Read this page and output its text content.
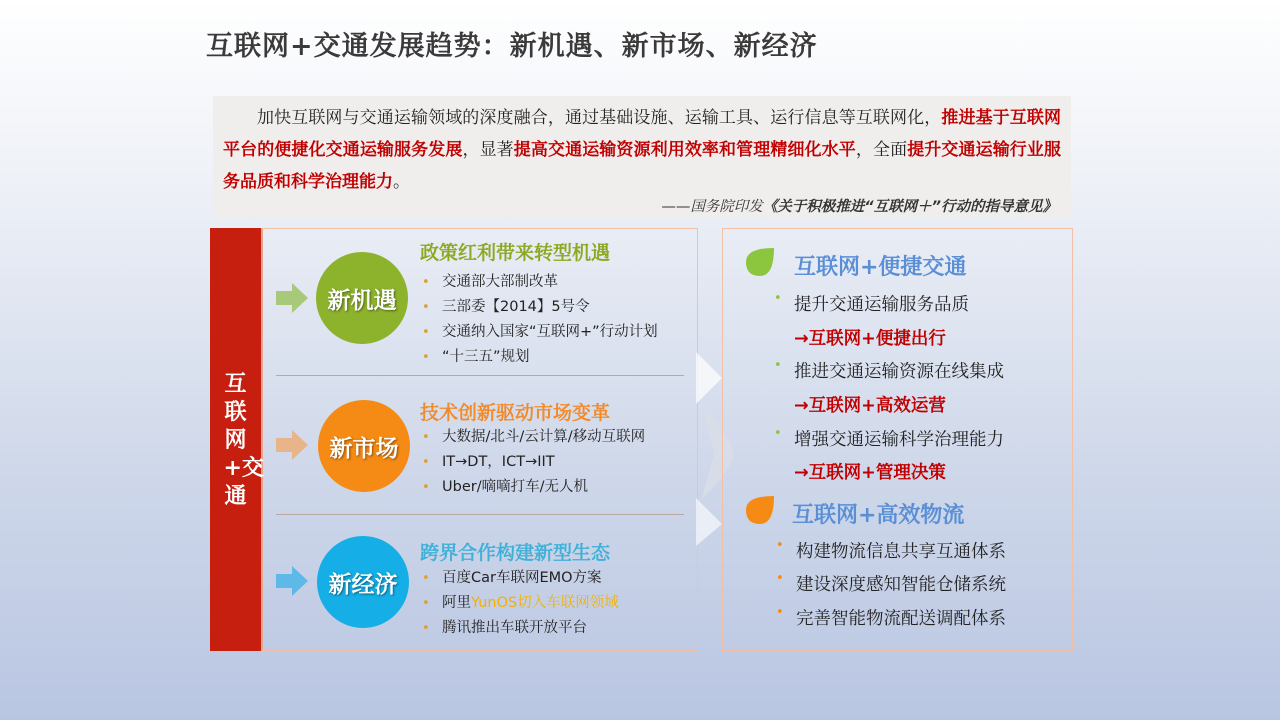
互联网+交通发展趋势：新机遇、新市场、新经济
加快互联网与交通运输领域的深度融合，通过基础设施、运输工具、运行信息等互联网化，推进基于互联网平台的便捷化交通运输服务发展，显著提高交通运输资源利用效率和管理精细化水平，全面提升交通运输行业服务品质和科学治理能力。
——国务院印发《关于积极推进“互联网＋”行动的指导意见》
互联网+交通
新机遇
政策红利带来转型机遇
• 交通部大部制改革
• 三部委【2014】5号令
• 交通纳入国家“互联网+”行动计划
• “十三五”规划
新市场
技术创新驱动市场变革
• 大数据/北斗/云计算/移动互联网
• IT→DT，ICT→IIT
• Uber/嘀嘀打车/无人机
新经济
跨界合作构建新型生态
• 百度Car车联网EMO方案
• 阿里YunOS切入车联网领域
• 腾讯推出车联开放平台
互联网+便捷交通
• 提升交通运输服务品质
→互联网+便捷出行
• 推进交通运输资源在线集成
→互联网+高效运营
• 增强交通运输科学治理能力
→互联网+管理决策
互联网+高效物流
• 构建物流信息共享互通体系
• 建设深度感知智能仓储系统
• 完善智能物流配送调配体系
